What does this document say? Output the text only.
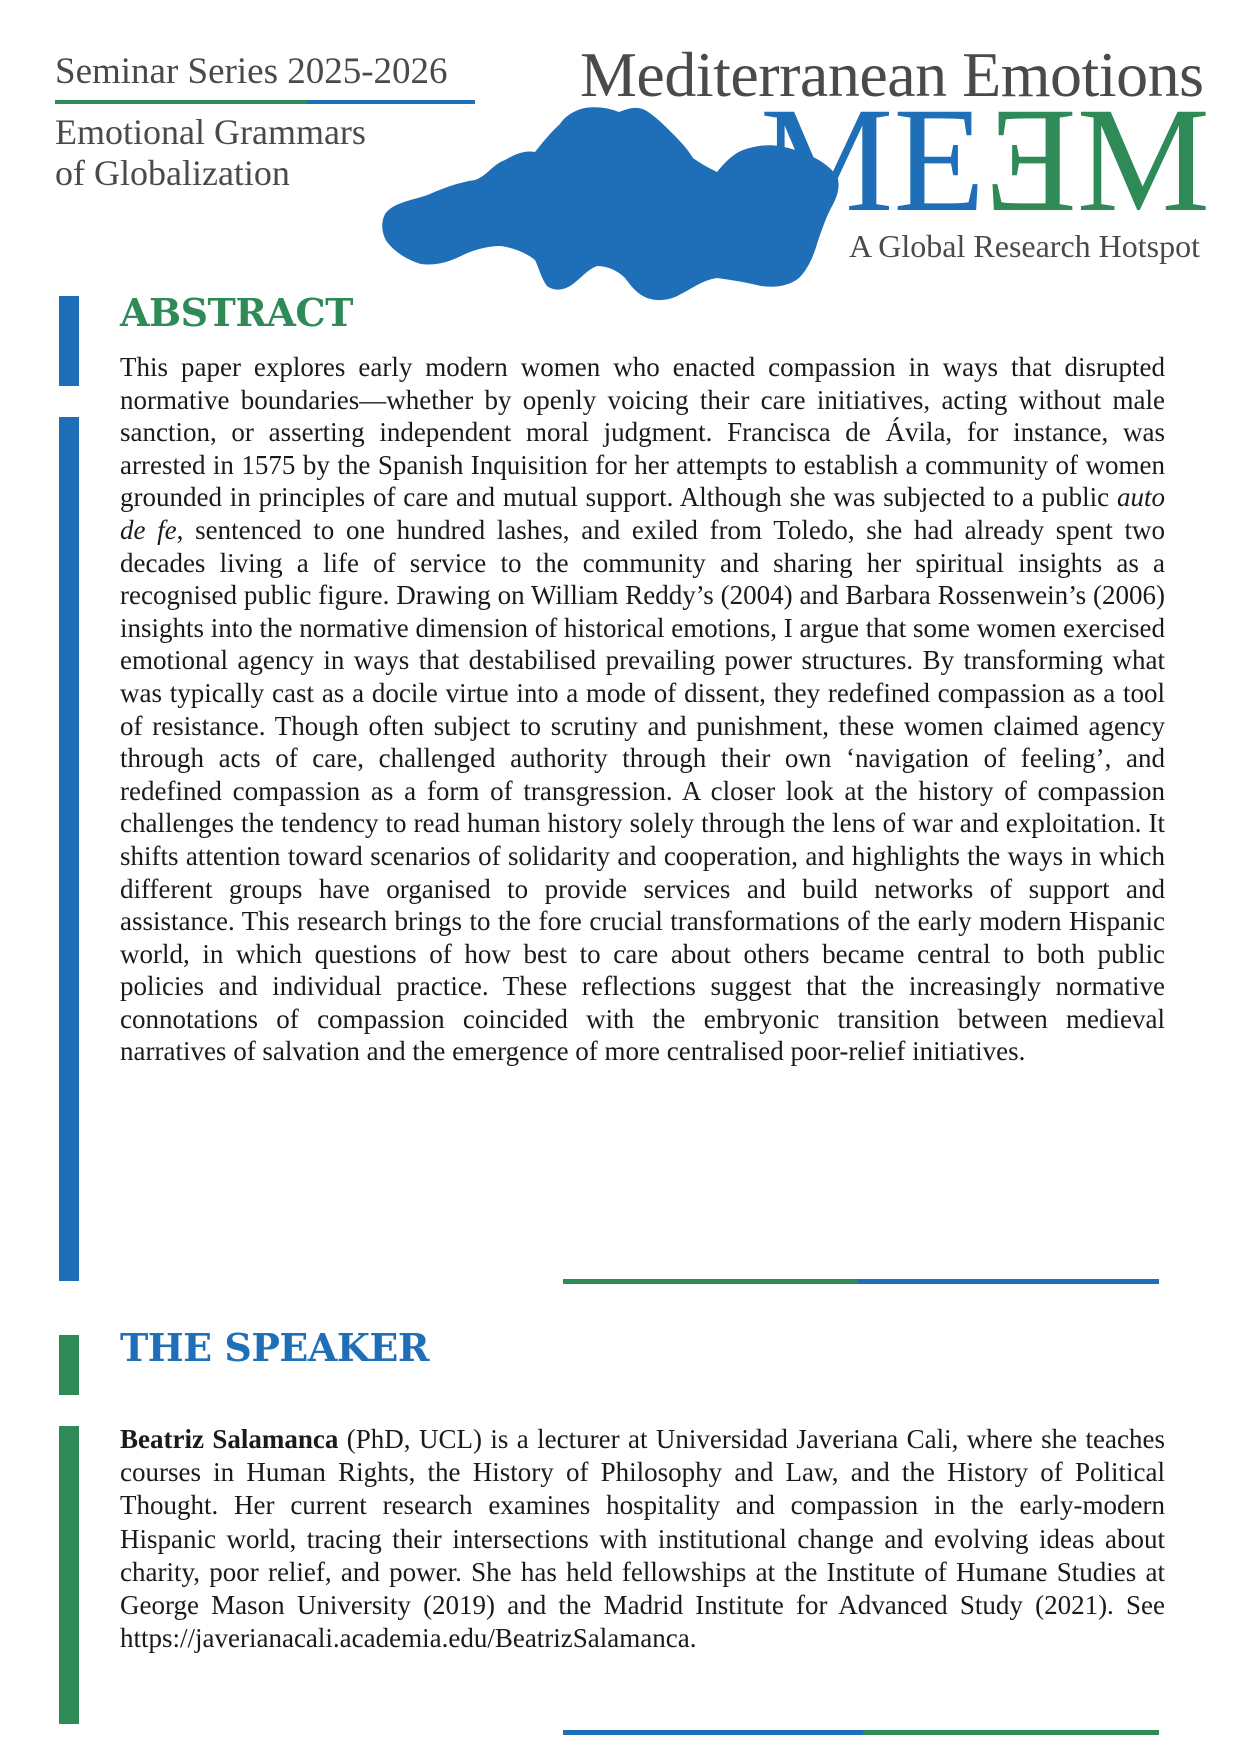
Seminar Series 2025-2026
Emotional Grammars
of Globalization
Mediterranean Emotions
MEEM
A Global Research Hotspot
ABSTRACT
This paper explores early modern women who enacted compassion in ways that disrupted normative boundaries—whether by openly voicing their care initiatives, acting without male sanction, or asserting independent moral judgment. Francisca de Ávila, for instance, was arrested in 1575 by the Spanish Inquisition for her attempts to establish a community of women grounded in principles of care and mutual support. Although she was subjected to a public auto de fe, sentenced to one hundred lashes, and exiled from Toledo, she had already spent two decades living a life of service to the community and sharing her spiritual insights as a recognised public figure. Drawing on William Reddy’s (2004) and Barbara Rossenwein’s (2006) insights into the normative dimension of historical emotions, I argue that some women exercised emotional agency in ways that destabilised prevailing power structures. By transforming what was typically cast as a docile virtue into a mode of dissent, they redefined compassion as a tool of resistance. Though often subject to scrutiny and punishment, these women claimed agency through acts of care, challenged authority through their own ‘navigation of feeling’, and redefined compassion as a form of transgression. A closer look at the history of compassion challenges the tendency to read human history solely through the lens of war and exploitation. It shifts attention toward scenarios of solidarity and cooperation, and highlights the ways in which different groups have organised to provide services and build networks of support and assistance. This research brings to the fore crucial transformations of the early modern Hispanic world, in which questions of how best to care about others became central to both public policies and individual practice. These reflections suggest that the increasingly normative connotations of compassion coincided with the embryonic transition between medieval narratives of salvation and the emergence of more centralised poor-relief initiatives.
THE SPEAKER
Beatriz Salamanca (PhD, UCL) is a lecturer at Universidad Javeriana Cali, where she teaches courses in Human Rights, the History of Philosophy and Law, and the History of Political Thought. Her current research examines hospitality and compassion in the early-modern Hispanic world, tracing their intersections with institutional change and evolving ideas about charity, poor relief, and power. She has held fellowships at the Institute of Humane Studies at George Mason University (2019) and the Madrid Institute for Advanced Study (2021). See https://javerianacali.academia.edu/BeatrizSalamanca.
